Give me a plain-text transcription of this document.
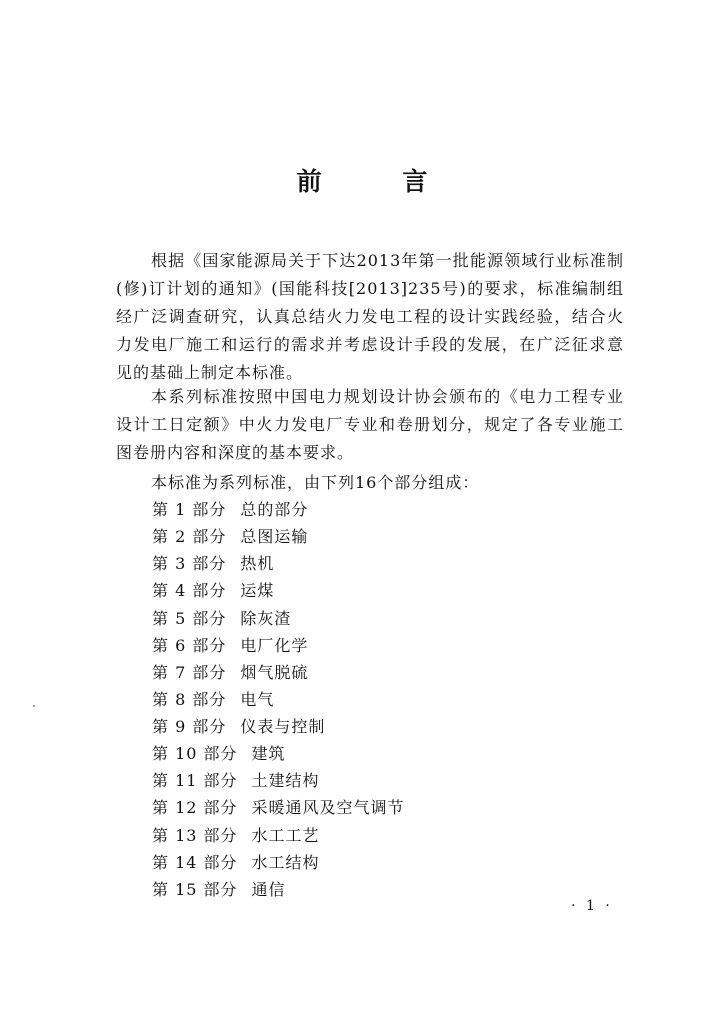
前 言

根据《国家能源局关于下达2013年第一批能源领域行业标准制(修)订计划的通知》(国能科技[2013]235号)的要求，标准编制组经广泛调查研究，认真总结火力发电工程的设计实践经验，结合火力发电厂施工和运行的需求并考虑设计手段的发展，在广泛征求意见的基础上制定本标准。

本系列标准按照中国电力规划设计协会颁布的《电力工程专业设计工日定额》中火力发电厂专业和卷册划分，规定了各专业施工图卷册内容和深度的基本要求。

本标准为系列标准，由下列16个部分组成：

第 1 部分 总的部分
第 2 部分 总图运输
第 3 部分 热机
第 4 部分 运煤
第 5 部分 除灰渣
第 6 部分 电厂化学
第 7 部分 烟气脱硫
第 8 部分 电气
第 9 部分 仪表与控制
第 10 部分 建筑
第 11 部分 土建结构
第 12 部分 采暖通风及空气调节
第 13 部分 水工工艺
第 14 部分 水工结构
第 15 部分 通信
· 1 ·
